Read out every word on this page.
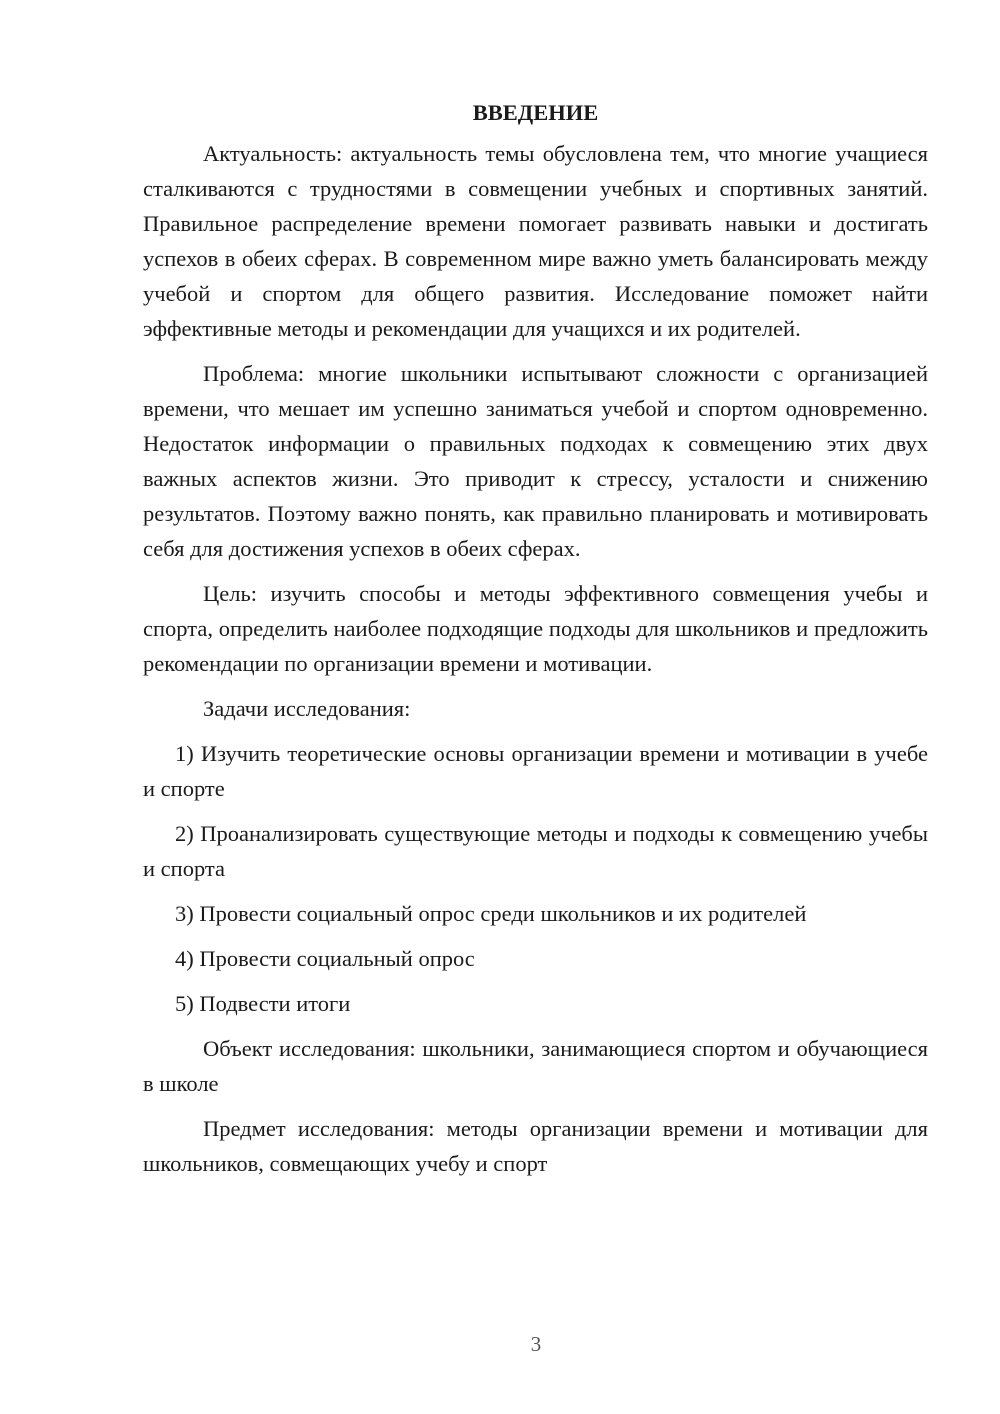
ВВЕДЕНИЕ

Актуальность: актуальность темы обусловлена тем, что многие учащиеся сталкиваются с трудностями в совмещении учебных и спортивных занятий. Правильное распределение времени помогает развивать навыки и достигать успехов в обеих сферах. В современном мире важно уметь балансировать между учебой и спортом для общего развития. Исследование поможет найти эффективные методы и рекомендации для учащихся и их родителей.

Проблема: многие школьники испытывают сложности с организацией времени, что мешает им успешно заниматься учебой и спортом одновременно. Недостаток информации о правильных подходах к совмещению этих двух важных аспектов жизни. Это приводит к стрессу, усталости и снижению результатов. Поэтому важно понять, как правильно планировать и мотивировать себя для достижения успехов в обеих сферах.

Цель: изучить способы и методы эффективного совмещения учебы и спорта, определить наиболее подходящие подходы для школьников и предложить рекомендации по организации времени и мотивации.

Задачи исследования:

1) Изучить теоретические основы организации времени и мотивации в учебе и спорте

2) Проанализировать существующие методы и подходы к совмещению учебы и спорта

3) Провести социальный опрос среди школьников и их родителей

4) Провести социальный опрос

5) Подвести итоги

Объект исследования: школьники, занимающиеся спортом и обучающиеся в школе

Предмет исследования: методы организации времени и мотивации для школьников, совмещающих учебу и спорт

3
